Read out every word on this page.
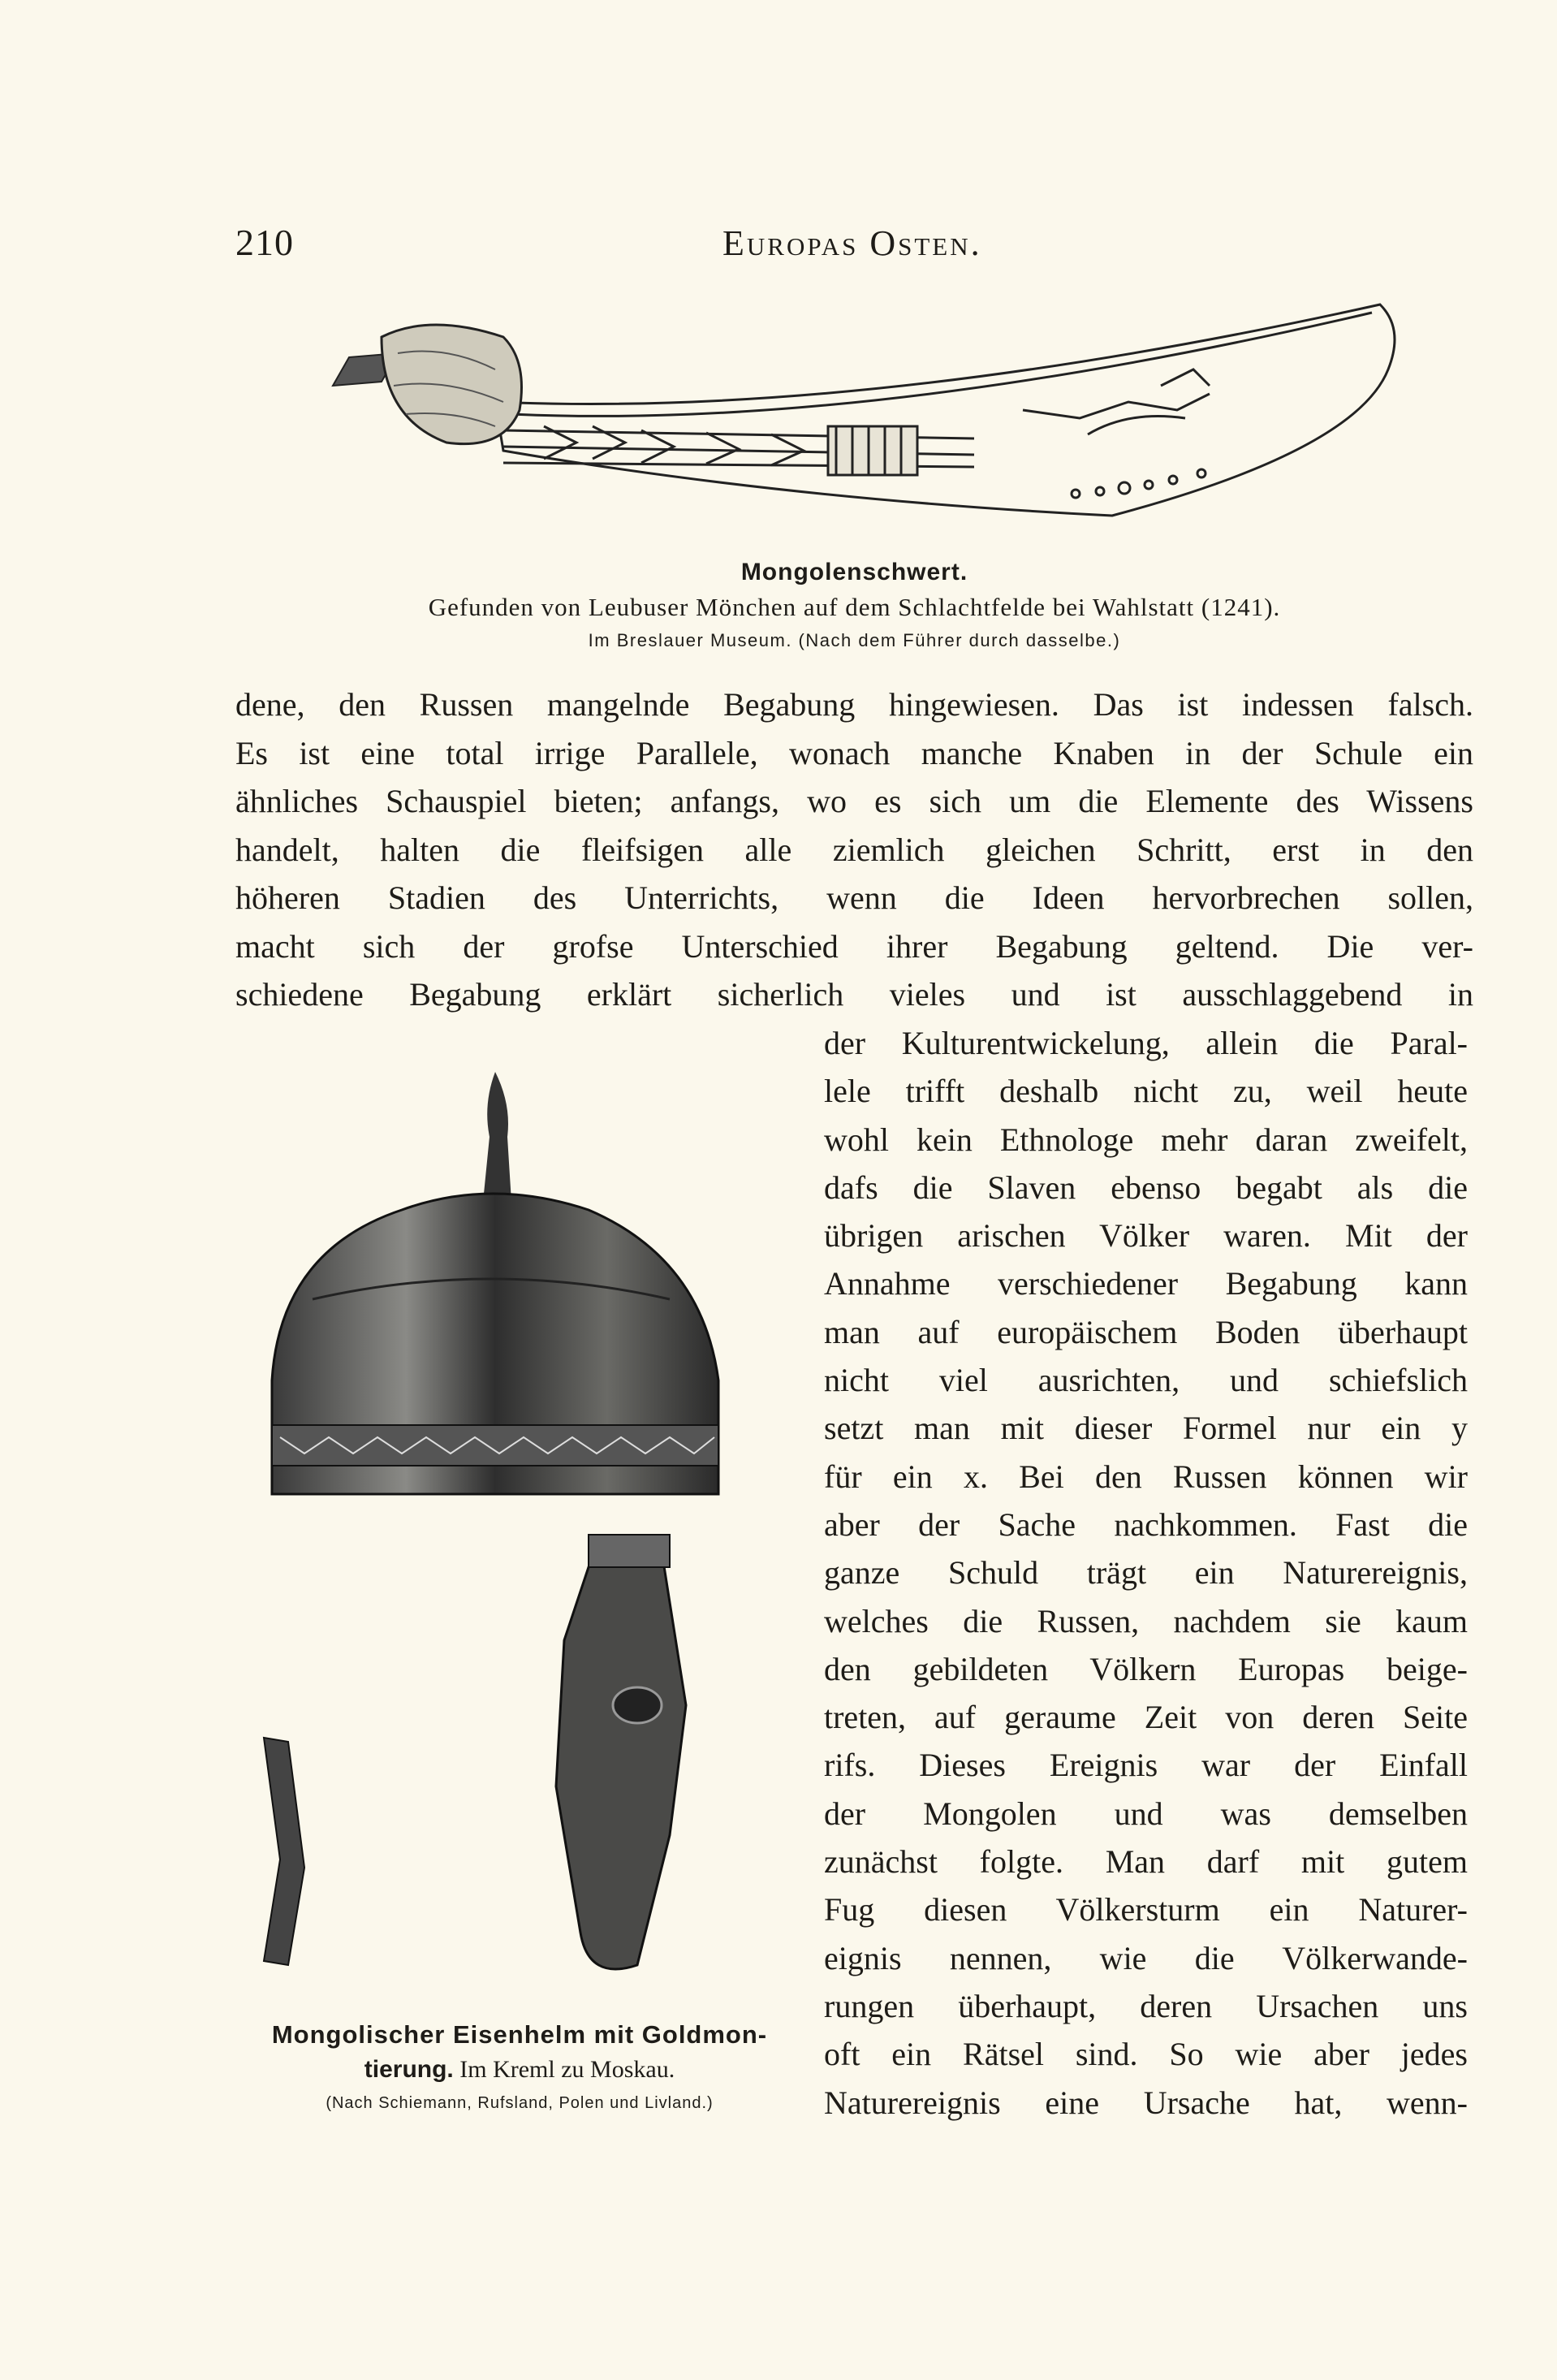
210	Europas Osten.
Mongolenschwert.
Gefunden von Leubuser Mönchen auf dem Schlachtfelde bei Wahlstatt (1241).
Im Breslauer Museum. (Nach dem Führer durch dasselbe.)
dene, den Russen mangelnde Begabung hingewiesen. Das ist indessen falsch.
Es ist eine total irrige Parallele, wonach manche Knaben in der Schule ein
ähnliches Schauspiel bieten; anfangs, wo es sich um die Elemente des Wissens
handelt, halten die fleifsigen alle ziemlich gleichen Schritt, erst in den
höheren Stadien des Unterrichts, wenn die Ideen hervorbrechen sollen,
macht sich der grofse Unterschied ihrer Begabung geltend. Die ver-
schiedene Begabung erklärt sicherlich vieles und ist ausschlaggebend in
der Kulturentwickelung, allein die Paral-
lele trifft deshalb nicht zu, weil heute
wohl kein Ethnologe mehr daran zweifelt,
dafs die Slaven ebenso begabt als die
übrigen arischen Völker waren. Mit der
Annahme verschiedener Begabung kann
man auf europäischem Boden überhaupt
nicht viel ausrichten, und schiefslich
setzt man mit dieser Formel nur ein y
für ein x. Bei den Russen können wir
aber der Sache nachkommen. Fast die
ganze Schuld trägt ein Naturereignis,
welches die Russen, nachdem sie kaum
den gebildeten Völkern Europas beige-
treten, auf geraume Zeit von deren Seite
rifs. Dieses Ereignis war der Einfall
der Mongolen und was demselben
zunächst folgte. Man darf mit gutem
Fug diesen Völkersturm ein Naturer-
eignis nennen, wie die Völkerwande-
rungen überhaupt, deren Ursachen uns
oft ein Rätsel sind. So wie aber jedes
Naturereignis eine Ursache hat, wenn-
Mongolischer Eisenhelm mit Goldmon-
tierung. Im Kreml zu Moskau.
(Nach Schiemann, Rufsland, Polen und Livland.)
